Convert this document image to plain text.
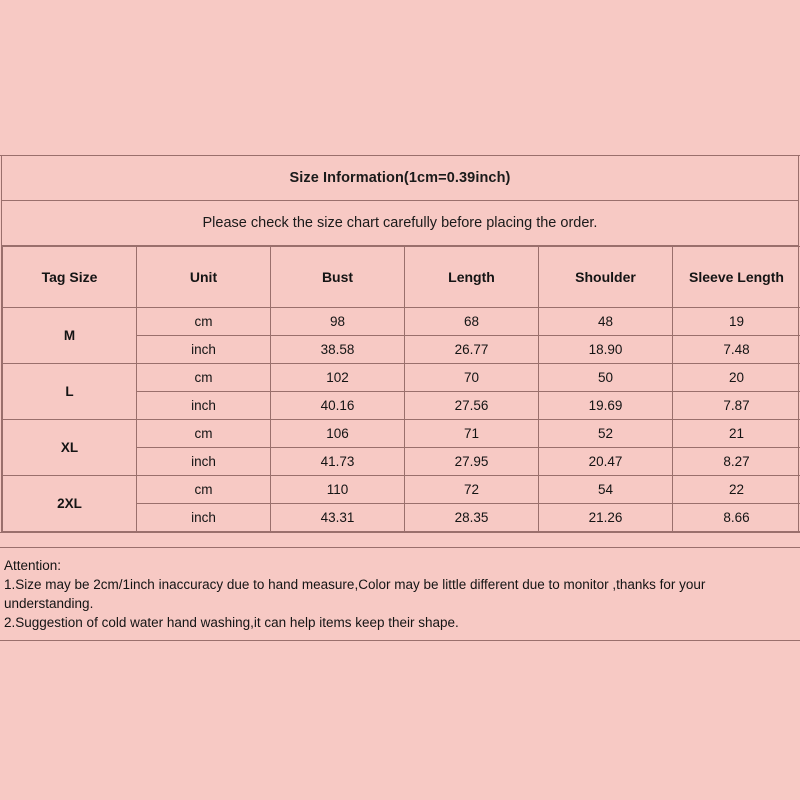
Size Information(1cm=0.39inch)
Please check the size chart carefully before placing the order.
Tag Size	Unit	Bust	Length	Shoulder	Sleeve Length
M	cm	98	68	48	19
	inch	38.58	26.77	18.90	7.48
L	cm	102	70	50	20
	inch	40.16	27.56	19.69	7.87
XL	cm	106	71	52	21
	inch	41.73	27.95	20.47	8.27
2XL	cm	110	72	54	22
	inch	43.31	28.35	21.26	8.66
Attention:
1.Size may be 2cm/1inch inaccuracy due to hand measure,Color may be little different due to monitor ,thanks for your
understanding.
2.Suggestion of cold water hand washing,it can help items keep their shape.
